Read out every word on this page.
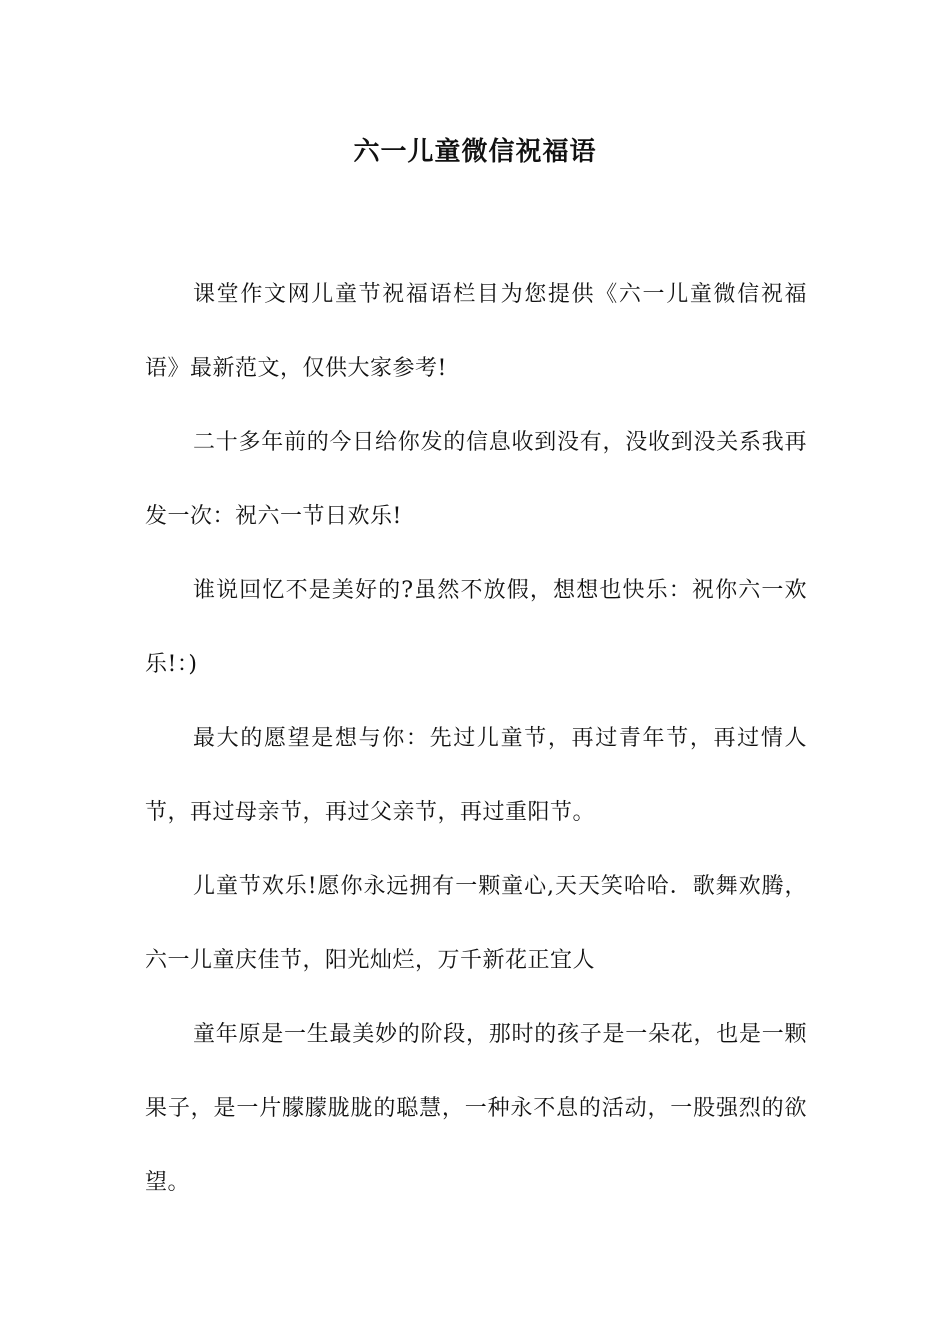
六一儿童微信祝福语

课堂作文网儿童节祝福语栏目为您提供《六一儿童微信祝福语》最新范文，仅供大家参考!

二十多年前的今日给你发的信息收到没有，没收到没关系我再发一次：祝六一节日欢乐!

谁说回忆不是美好的?虽然不放假，想想也快乐：祝你六一欢乐!：)

最大的愿望是想与你：先过儿童节，再过青年节，再过情人节，再过母亲节，再过父亲节，再过重阳节。

儿童节欢乐!愿你永远拥有一颗童心,天天笑哈哈．歌舞欢腾，六一儿童庆佳节，阳光灿烂，万千新花正宜人

童年原是一生最美妙的阶段，那时的孩子是一朵花，也是一颗果子，是一片朦朦胧胧的聪慧，一种永不息的活动，一股强烈的欲望。
